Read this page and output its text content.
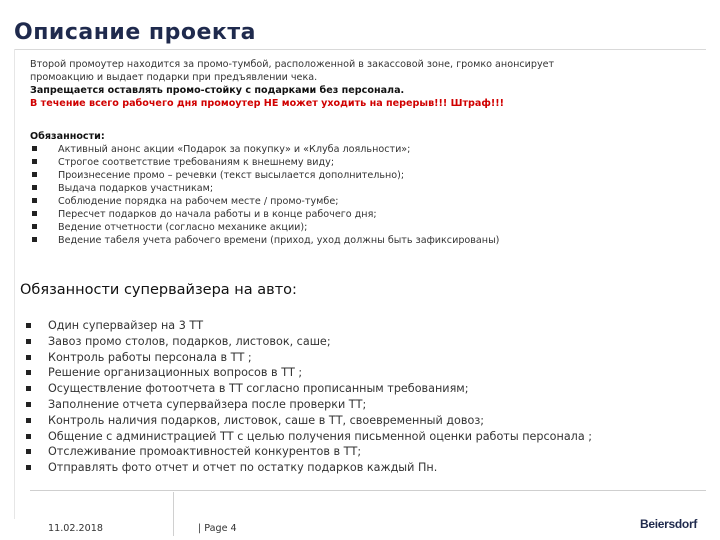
Описание проекта

Второй промоутер находится за промо-тумбой, расположенной в закассовой зоне, громко анонсирует

промоакцию и выдает подарки при предъявлении чека.

Запрещается оставлять промо-стойку с подарками без персонала.

В течение всего рабочего дня промоутер НЕ может уходить на перерыв!!! Штраф!!!

Обязанности:
Активный анонс акции «Подарок за покупку» и «Клуба лояльности»;
Строгое соответствие требованиям к внешнему виду;
Произнесение промо – речевки (текст высылается дополнительно);
Выдача подарков участникам;
Соблюдение порядка на рабочем месте / промо-тумбе;
Пересчет подарков до начала работы и в конце рабочего дня;
Ведение отчетности (согласно механике акции);
Ведение табеля учета рабочего времени (приход, уход должны быть зафиксированы)
Обязанности супервайзера на авто:
Один супервайзер на 3 ТТ
Завоз промо столов, подарков, листовок, саше;
Контроль работы персонала в ТТ ;
Решение организационных вопросов в ТТ ;
Осуществление фотоотчета в ТТ согласно прописанным требованиям;
Заполнение отчета супервайзера после проверки ТТ;
Контроль наличия подарков, листовок, саше в ТТ, своевременный довоз;
Общение с администрацией ТТ с целью получения письменной оценки работы персонала ;
Отслеживание промоактивностей конкурентов в ТТ;
Отправлять фото отчет и отчет по остатку подарков каждый Пн.
11.02.2018	| Page 4	Beiersdorf
